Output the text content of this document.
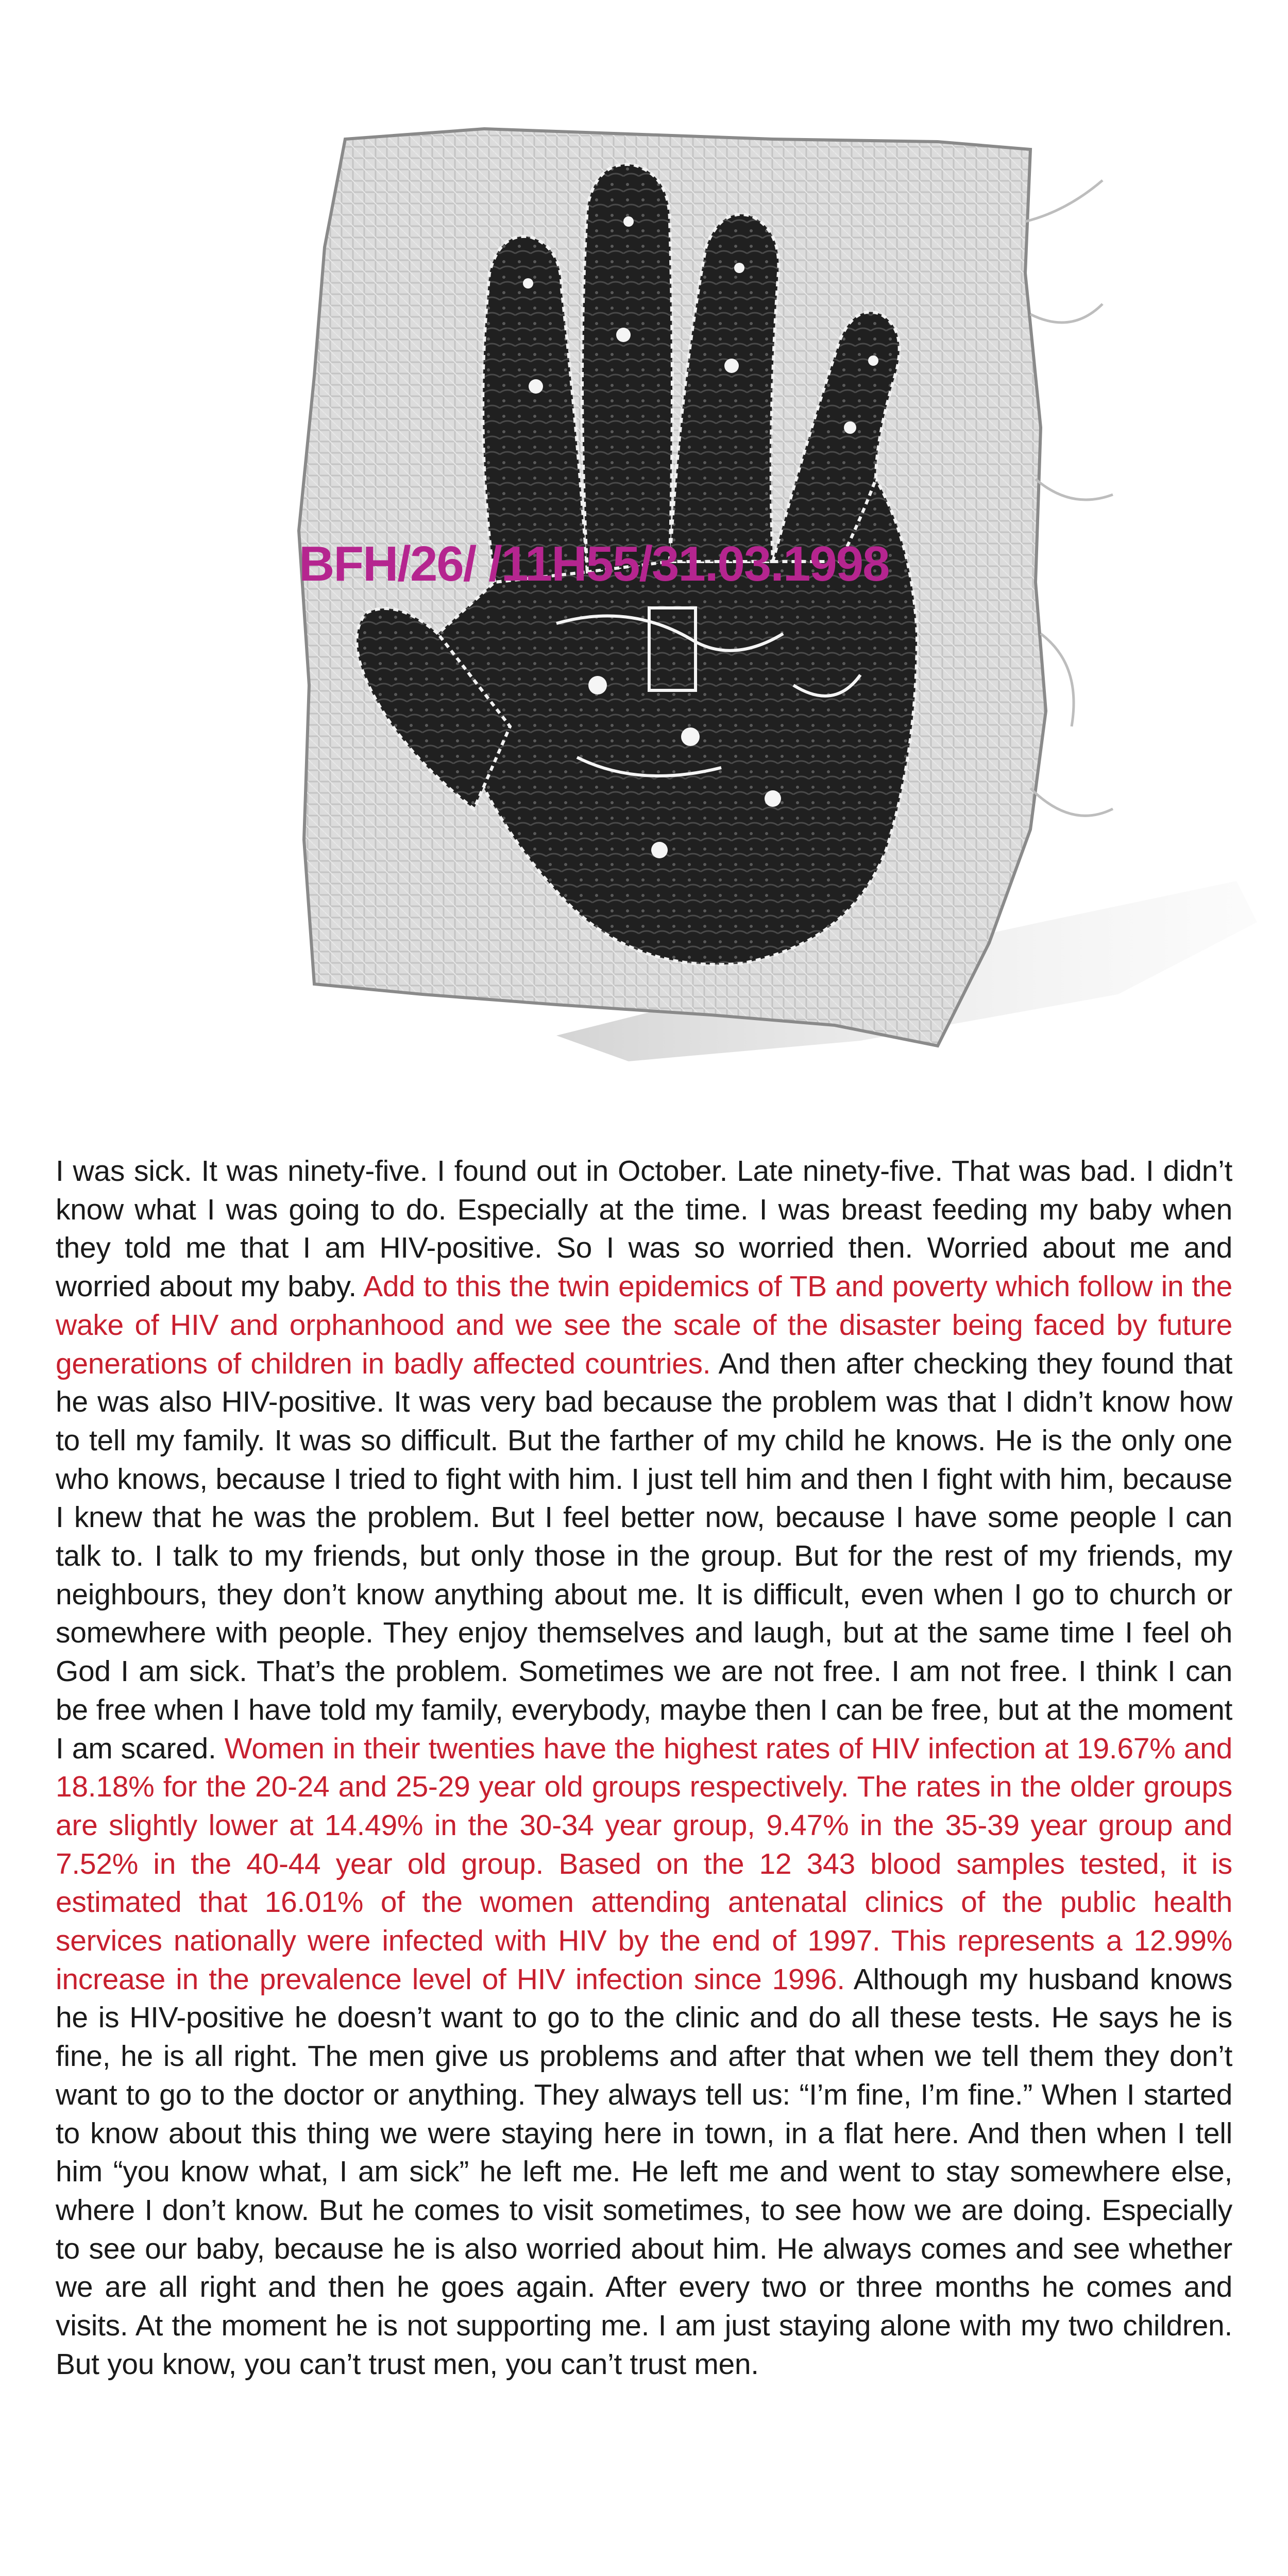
BFH/26/ /11H55/31.03.1998
I was sick. It was ninety-five. I found out in October. Late ninety-five. That was bad. I didn’t know what I was going to do. Especially at the time. I was breast feeding my baby when they told me that I am HIV-positive. So I was so worried then. Worried about me and worried about my baby. Add to this the twin epidemics of TB and poverty which follow in the wake of HIV and orphanhood and we see the scale of the disaster being faced by future generations of children in badly affected countries. And then after checking they found that he was also HIV-positive. It was very bad because the problem was that I didn’t know how to tell my family. It was so difficult. But the farther of my child he knows. He is the only one who knows, because I tried to fight with him. I just tell him and then I fight with him, because I knew that he was the problem. But I feel better now, because I have some people I can talk to. I talk to my friends, but only those in the group. But for the rest of my friends, my neighbours, they don’t know anything about me. It is difficult, even when I go to church or somewhere with people. They enjoy themselves and laugh, but at the same time I feel oh God I am sick. That’s the problem. Sometimes we are not free. I am not free. I think I can be free when I have told my family, everybody, maybe then I can be free, but at the moment I am scared. Women in their twenties have the highest rates of HIV infection at 19.67% and 18.18% for the 20-24 and 25-29 year old groups respectively. The rates in the older groups are slightly lower at 14.49% in the 30-34 year group, 9.47% in the 35-39 year group and 7.52% in the 40-44 year old group. Based on the 12 343 blood samples tested, it is estimated that 16.01% of the women attending antenatal clinics of the public health services nationally were infected with HIV by the end of 1997. This represents a 12.99% increase in the prevalence level of HIV infection since 1996. Although my husband knows he is HIV-positive he doesn’t want to go to the clinic and do all these tests. He says he is fine, he is all right. The men give us problems and after that when we tell them they don’t want to go to the doctor or anything. They always tell us: “I’m fine, I’m fine.” When I started to know about this thing we were staying here in town, in a flat here. And then when I tell him “you know what, I am sick” he left me. He left me and went to stay somewhere else, where I don’t know. But he comes to visit sometimes, to see how we are doing. Especially to see our baby, because he is also worried about him. He always comes and see whether we are all right and then he goes again. After every two or three months he comes and visits. At the moment he is not supporting me. I am just staying alone with my two children. But you know, you can’t trust men, you can’t trust men.
